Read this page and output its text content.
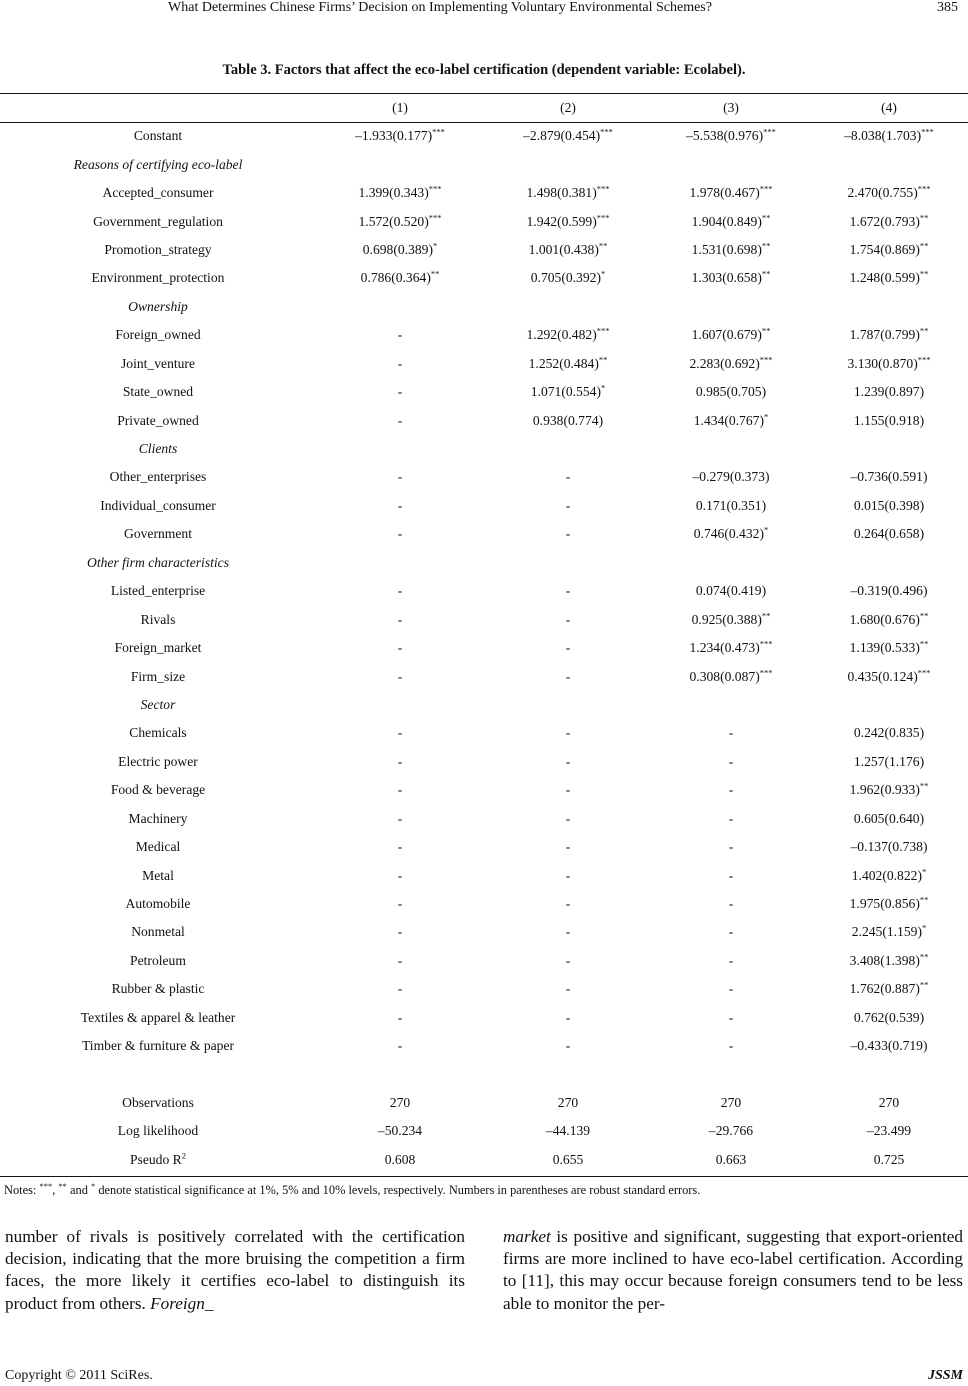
What Determines Chinese Firms’ Decision on Implementing Voluntary Environmental Schemes?	385
Table 3. Factors that affect the eco-label certification (dependent variable: Ecolabel).
	(1)	(2)	(3)	(4)
Constant	–1.933(0.177)***	–2.879(0.454)***	–5.538(0.976)***	–8.038(1.703)***
Reasons of certifying eco-label				
Accepted_consumer	1.399(0.343)***	1.498(0.381)***	1.978(0.467)***	2.470(0.755)***
Government_regulation	1.572(0.520)***	1.942(0.599)***	1.904(0.849)**	1.672(0.793)**
Promotion_strategy	0.698(0.389)*	1.001(0.438)**	1.531(0.698)**	1.754(0.869)**
Environment_protection	0.786(0.364)**	0.705(0.392)*	1.303(0.658)**	1.248(0.599)**
Ownership				
Foreign_owned	-	1.292(0.482)***	1.607(0.679)**	1.787(0.799)**
Joint_venture	-	1.252(0.484)**	2.283(0.692)***	3.130(0.870)***
State_owned	-	1.071(0.554)*	0.985(0.705)	1.239(0.897)
Private_owned	-	0.938(0.774)	1.434(0.767)*	1.155(0.918)
Clients				
Other_enterprises	-	-	–0.279(0.373)	–0.736(0.591)
Individual_consumer	-	-	0.171(0.351)	0.015(0.398)
Government	-	-	0.746(0.432)*	0.264(0.658)
Other firm characteristics				
Listed_enterprise	-	-	0.074(0.419)	–0.319(0.496)
Rivals	-	-	0.925(0.388)**	1.680(0.676)**
Foreign_market	-	-	1.234(0.473)***	1.139(0.533)**
Firm_size	-	-	0.308(0.087)***	0.435(0.124)***
Sector				
Chemicals	-	-	-	0.242(0.835)
Electric power	-	-	-	1.257(1.176)
Food & beverage	-	-	-	1.962(0.933)**
Machinery	-	-	-	0.605(0.640)
Medical	-	-	-	–0.137(0.738)
Metal	-	-	-	1.402(0.822)*
Automobile	-	-	-	1.975(0.856)**
Nonmetal	-	-	-	2.245(1.159)*
Petroleum	-	-	-	3.408(1.398)**
Rubber & plastic	-	-	-	1.762(0.887)**
Textiles & apparel & leather	-	-	-	0.762(0.539)
Timber & furniture & paper	-	-	-	–0.433(0.719)

Observations	270	270	270	270
Log likelihood	–50.234	–44.139	–29.766	–23.499
Pseudo $R^2$	0.608	0.655	0.663	0.725
Notes: ***, ** and * denote statistical significance at 1%, 5% and 10% levels, respectively. Numbers in parentheses are robust standard errors.

number of rivals is positively correlated with the certification decision, indicating that the more bruising the competition a firm faces, the more likely it certifies eco-label to distinguish its product from others. Foreign_

market is positive and significant, suggesting that export-oriented firms are more inclined to have eco-label certification. According to [11], this may occur because foreign consumers tend to be less able to monitor the per-

Copyright © 2011 SciRes.	JSSM
